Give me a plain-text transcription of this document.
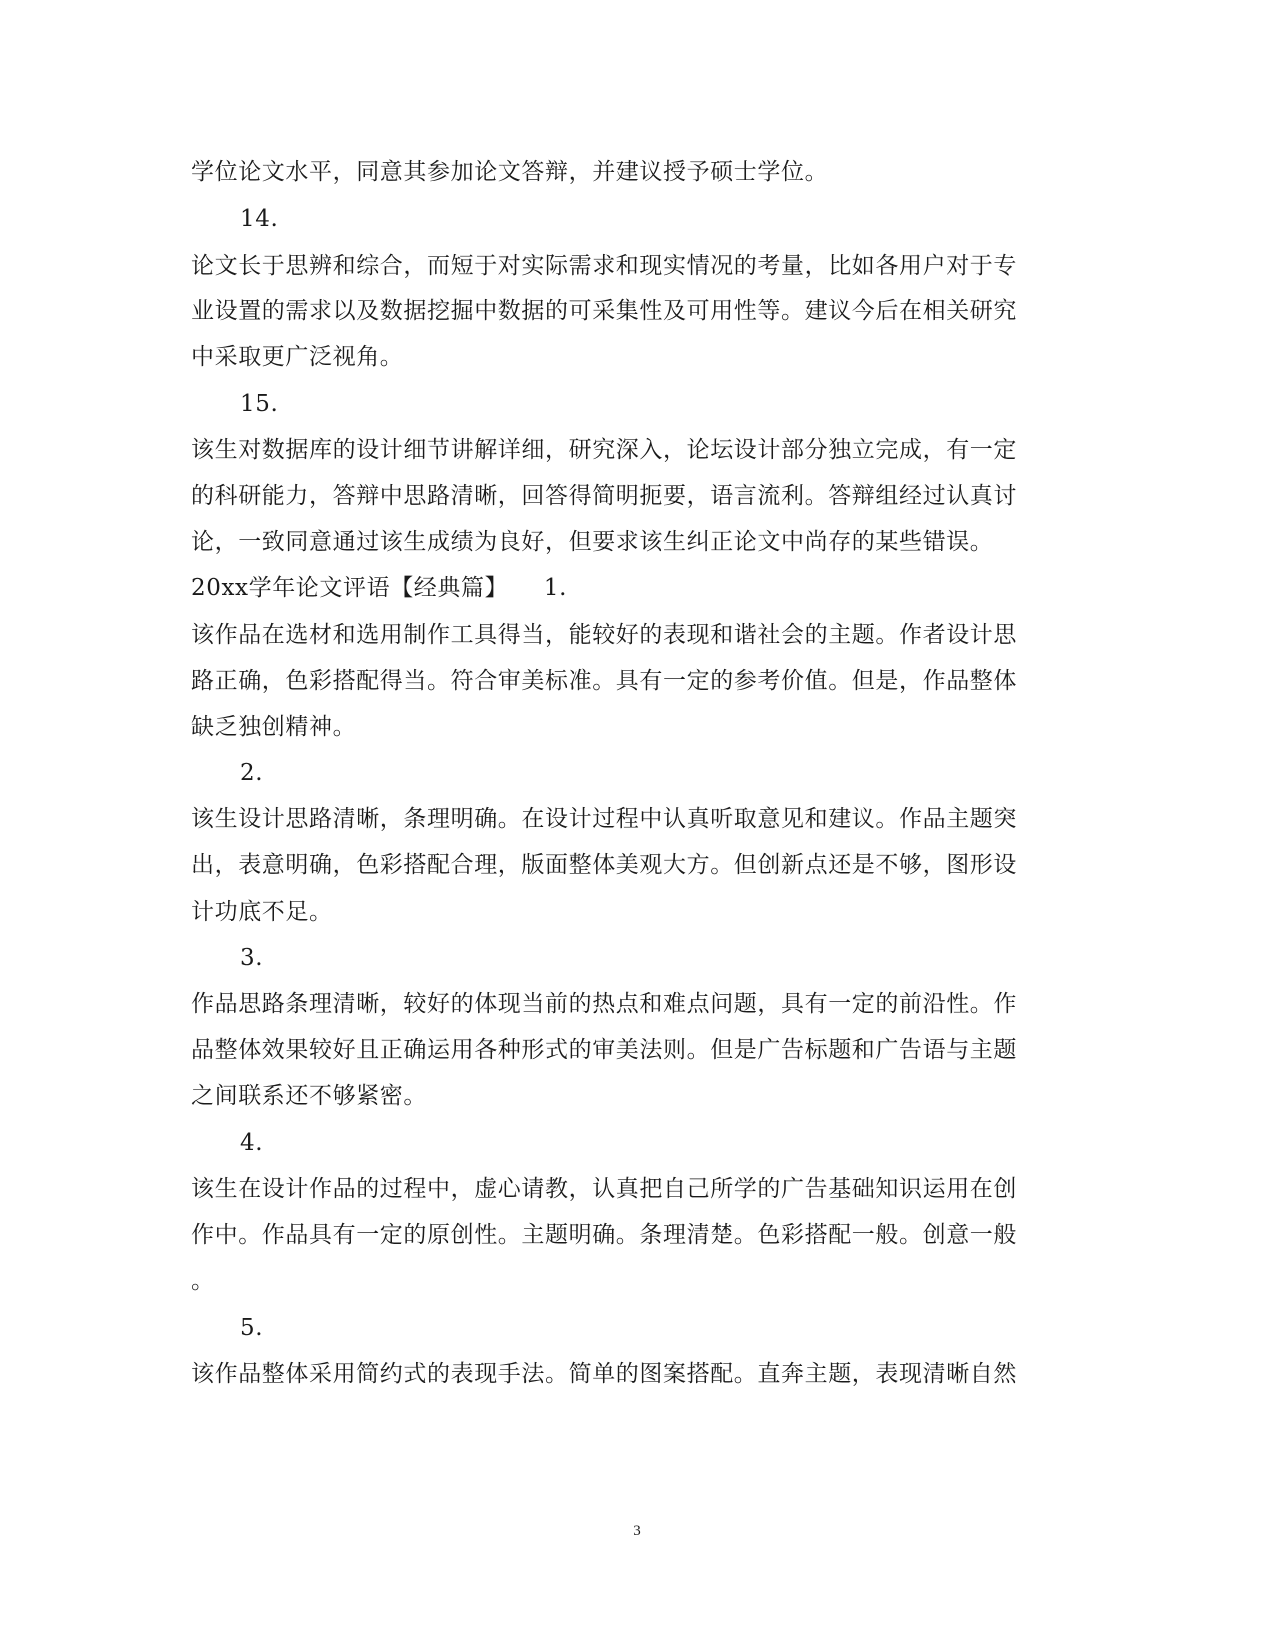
学位论文水平，同意其参加论文答辩，并建议授予硕士学位。
14.
论文长于思辨和综合，而短于对实际需求和现实情况的考量，比如各用户对于专
业设置的需求以及数据挖掘中数据的可采集性及可用性等。建议今后在相关研究
中采取更广泛视角。
15.
该生对数据库的设计细节讲解详细，研究深入，论坛设计部分独立完成，有一定
的科研能力，答辩中思路清晰，回答得简明扼要，语言流利。答辩组经过认真讨
论，一致同意通过该生成绩为良好，但要求该生纠正论文中尚存的某些错误。
20xx学年论文评语【经典篇】　　1.
该作品在选材和选用制作工具得当，能较好的表现和谐社会的主题。作者设计思
路正确，色彩搭配得当。符合审美标准。具有一定的参考价值。但是，作品整体
缺乏独创精神。
2.
该生设计思路清晰，条理明确。在设计过程中认真听取意见和建议。作品主题突
出，表意明确，色彩搭配合理，版面整体美观大方。但创新点还是不够，图形设
计功底不足。
3.
作品思路条理清晰，较好的体现当前的热点和难点问题，具有一定的前沿性。作
品整体效果较好且正确运用各种形式的审美法则。但是广告标题和广告语与主题
之间联系还不够紧密。
4.
该生在设计作品的过程中，虚心请教，认真把自己所学的广告基础知识运用在创
作中。作品具有一定的原创性。主题明确。条理清楚。色彩搭配一般。创意一般
。
5.
该作品整体采用简约式的表现手法。简单的图案搭配。直奔主题，表现清晰自然
3
